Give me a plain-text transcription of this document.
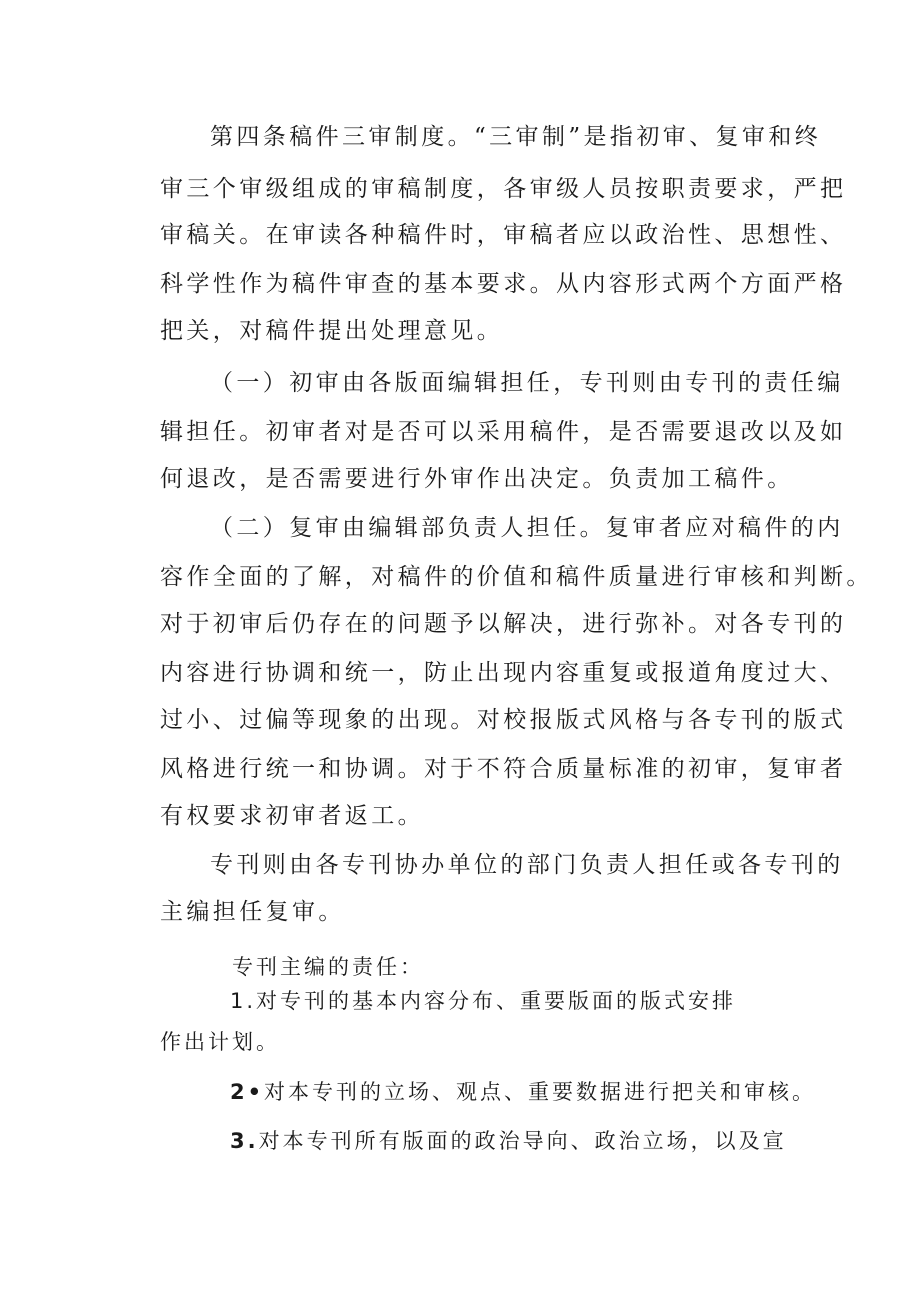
第四条稿件三审制度。“三审制”是指初审、复审和终
审三个审级组成的审稿制度，各审级人员按职责要求，严把
审稿关。在审读各种稿件时，审稿者应以政治性、思想性、
科学性作为稿件审查的基本要求。从内容形式两个方面严格
把关，对稿件提出处理意见。
（一）初审由各版面编辑担任，专刊则由专刊的责任编
辑担任。初审者对是否可以采用稿件，是否需要退改以及如
何退改，是否需要进行外审作出决定。负责加工稿件。
（二）复审由编辑部负责人担任。复审者应对稿件的内
容作全面的了解，对稿件的价值和稿件质量进行审核和判断。
对于初审后仍存在的问题予以解决，进行弥补。对各专刊的
内容进行协调和统一，防止出现内容重复或报道角度过大、
过小、过偏等现象的出现。对校报版式风格与各专刊的版式
风格进行统一和协调。对于不符合质量标准的初审，复审者
有权要求初审者返工。
专刊则由各专刊协办单位的部门负责人担任或各专刊的
主编担任复审。
专刊主编的责任：
1.对专刊的基本内容分布、重要版面的版式安排
作出计划。
2•对本专刊的立场、观点、重要数据进行把关和审核。
3.对本专刊所有版面的政治导向、政治立场，以及宣
